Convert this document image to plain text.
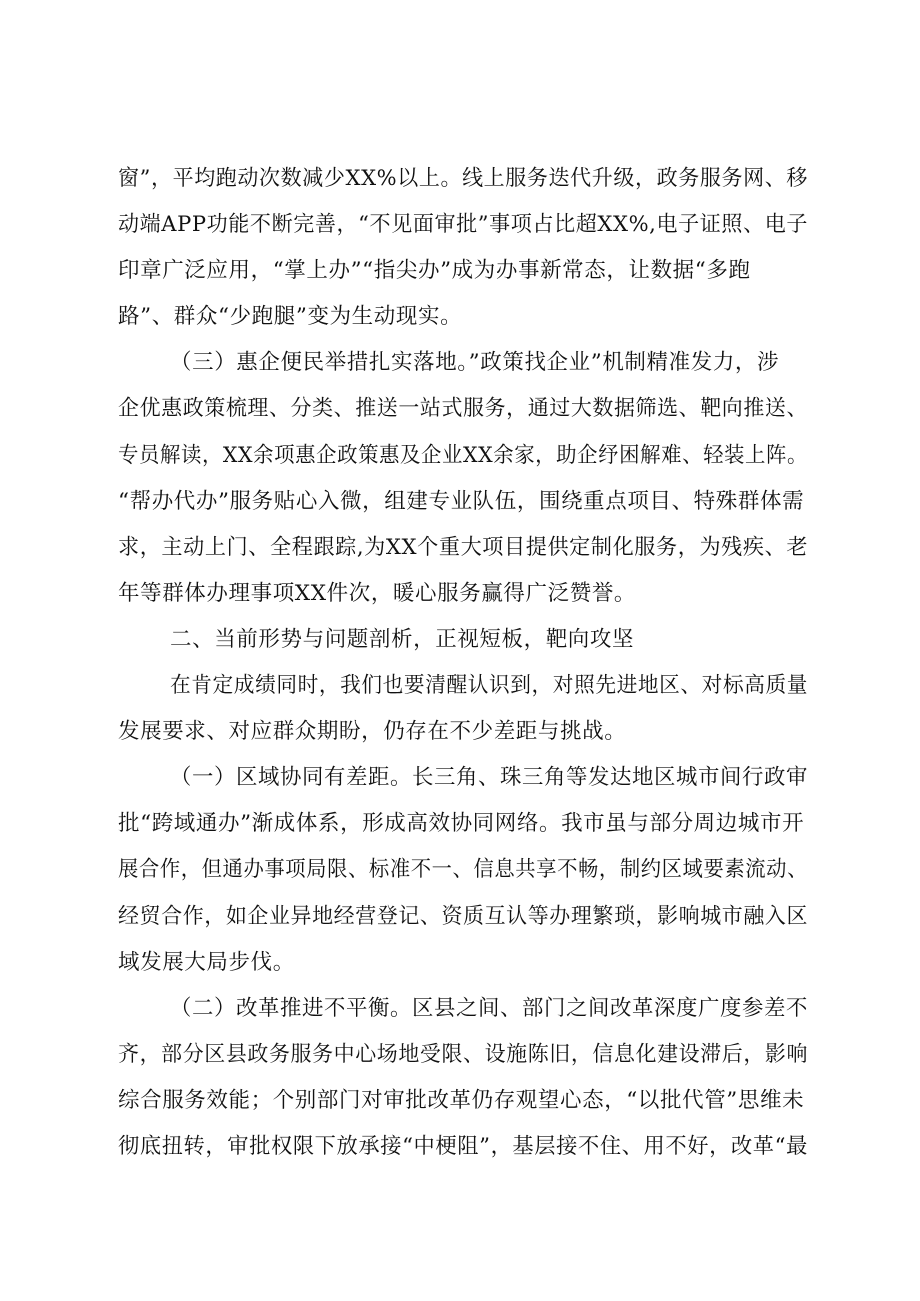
窗”，平均跑动次数减少XX%以上。线上服务迭代升级，政务服务网、移
动端APP功能不断完善，“不见面审批”事项占比超XX%,电子证照、电子
印章广泛应用，“掌上办”“指尖办”成为办事新常态，让数据“多跑
路”、群众“少跑腿”变为生动现实。
（三）惠企便民举措扎实落地。”政策找企业”机制精准发力，涉
企优惠政策梳理、分类、推送一站式服务，通过大数据筛选、靶向推送、
专员解读，XX余项惠企政策惠及企业XX余家，助企纾困解难、轻装上阵。
“帮办代办”服务贴心入微，组建专业队伍，围绕重点项目、特殊群体需
求，主动上门、全程跟踪,为XX个重大项目提供定制化服务，为残疾、老
年等群体办理事项XX件次，暖心服务赢得广泛赞誉。
二、当前形势与问题剖析，正视短板，靶向攻坚
在肯定成绩同时，我们也要清醒认识到，对照先进地区、对标高质量
发展要求、对应群众期盼，仍存在不少差距与挑战。
（一）区域协同有差距。长三角、珠三角等发达地区城市间行政审
批“跨域通办”渐成体系，形成高效协同网络。我市虽与部分周边城市开
展合作，但通办事项局限、标准不一、信息共享不畅，制约区域要素流动、
经贸合作，如企业异地经营登记、资质互认等办理繁琐，影响城市融入区
域发展大局步伐。
（二）改革推进不平衡。区县之间、部门之间改革深度广度参差不
齐，部分区县政务服务中心场地受限、设施陈旧，信息化建设滞后，影响
综合服务效能；个别部门对审批改革仍存观望心态，“以批代管”思维未
彻底扭转，审批权限下放承接“中梗阻”，基层接不住、用不好，改革“最
